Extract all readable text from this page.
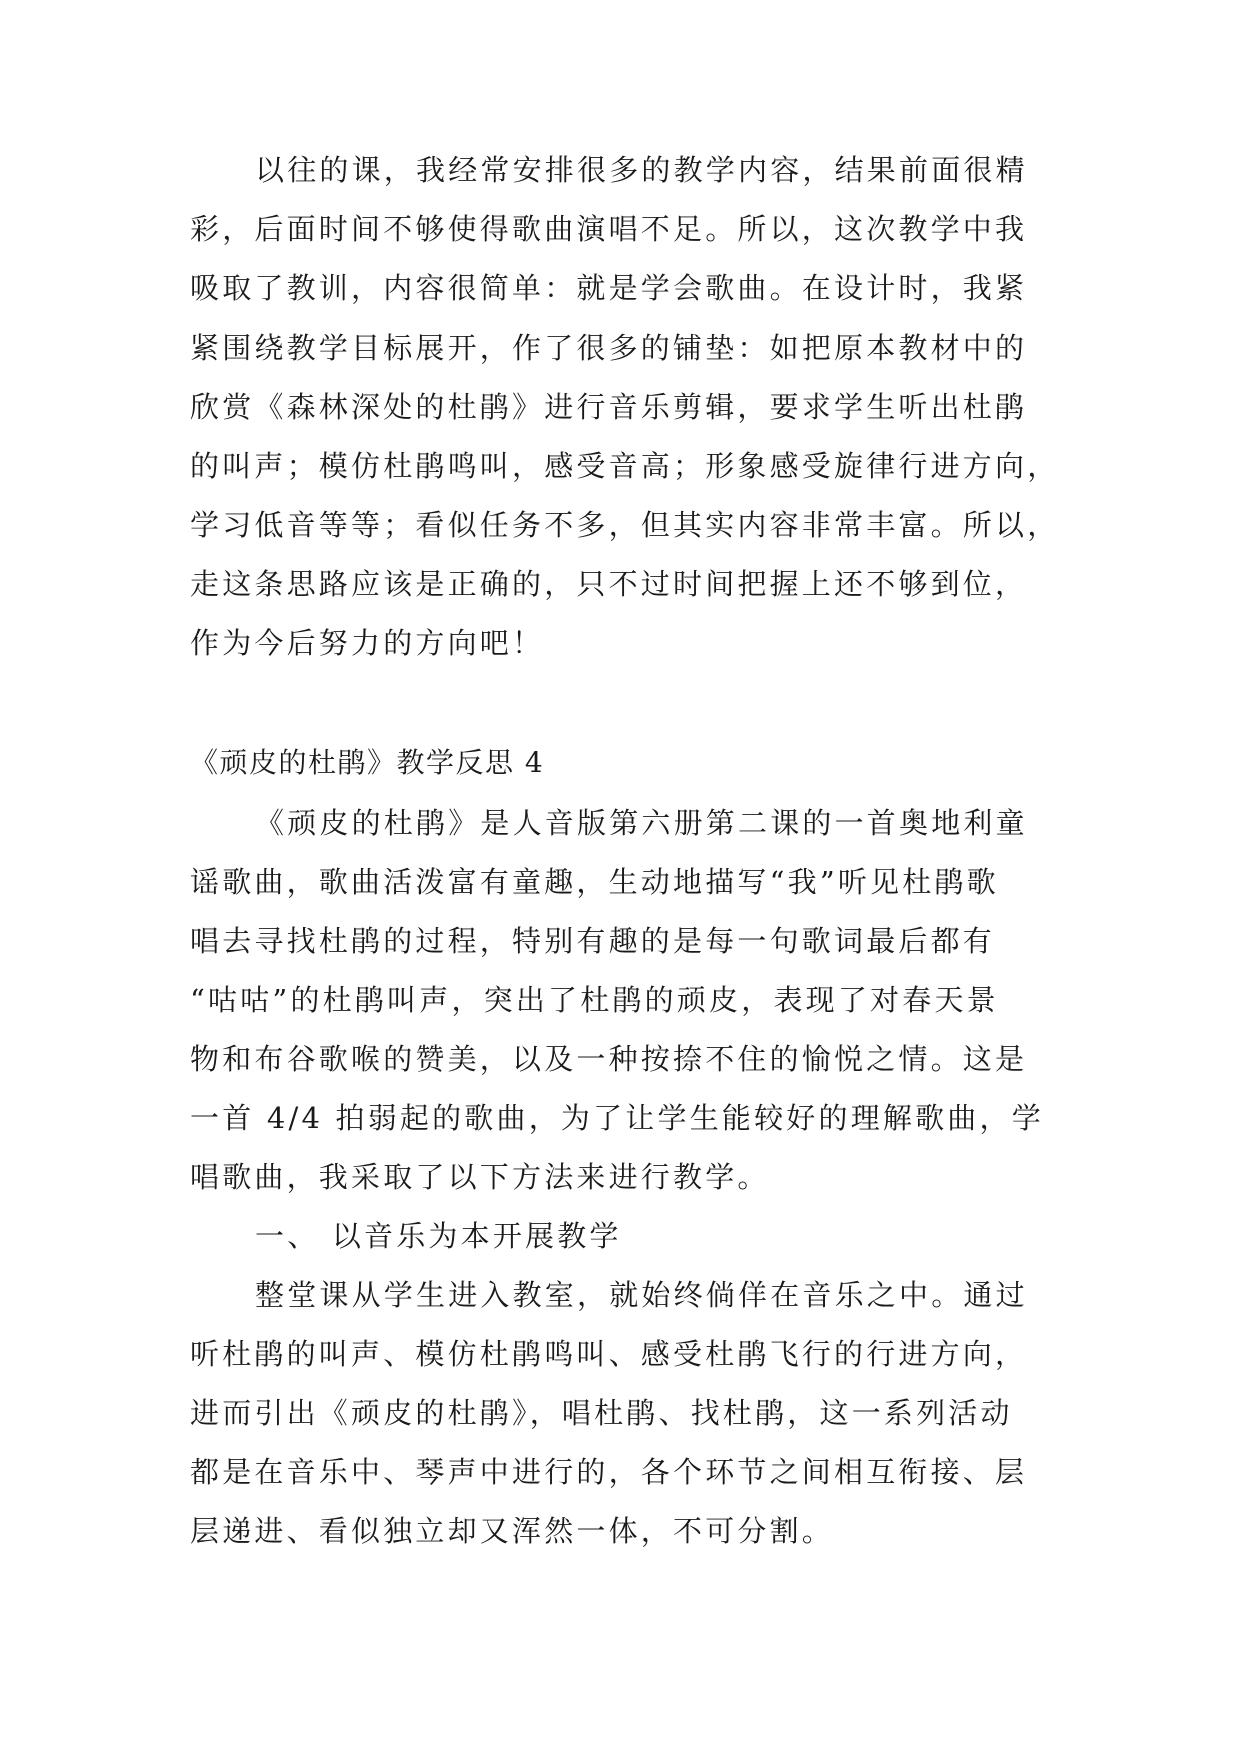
以往的课，我经常安排很多的教学内容，结果前面很精
彩，后面时间不够使得歌曲演唱不足。所以，这次教学中我
吸取了教训，内容很简单：就是学会歌曲。在设计时，我紧
紧围绕教学目标展开，作了很多的铺垫：如把原本教材中的
欣赏《森林深处的杜鹃》进行音乐剪辑，要求学生听出杜鹃
的叫声；模仿杜鹃鸣叫，感受音高；形象感受旋律行进方向，
学习低音等等；看似任务不多，但其实内容非常丰富。所以，
走这条思路应该是正确的，只不过时间把握上还不够到位，
作为今后努力的方向吧！
《顽皮的杜鹃》教学反思 4
《顽皮的杜鹃》是人音版第六册第二课的一首奥地利童
谣歌曲，歌曲活泼富有童趣，生动地描写“我”听见杜鹃歌
唱去寻找杜鹃的过程，特别有趣的是每一句歌词最后都有
“咕咕”的杜鹃叫声，突出了杜鹃的顽皮，表现了对春天景
物和布谷歌喉的赞美，以及一种按捺不住的愉悦之情。这是
一首 4/4 拍弱起的歌曲，为了让学生能较好的理解歌曲，学
唱歌曲，我采取了以下方法来进行教学。
一、 以音乐为本开展教学
整堂课从学生进入教室，就始终倘佯在音乐之中。通过
听杜鹃的叫声、模仿杜鹃鸣叫、感受杜鹃飞行的行进方向，
进而引出《顽皮的杜鹃》，唱杜鹃、找杜鹃，这一系列活动
都是在音乐中、琴声中进行的，各个环节之间相互衔接、层
层递进、看似独立却又浑然一体，不可分割。
